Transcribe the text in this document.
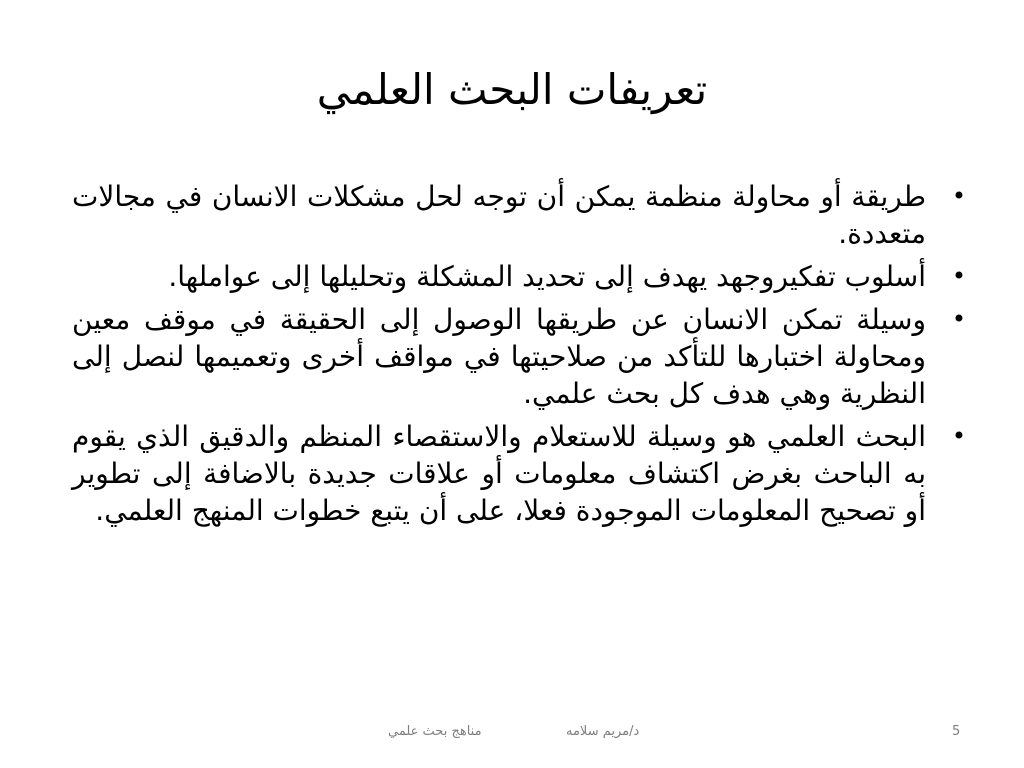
تعريفات البحث العلمي
•
طريقة أو محاولة منظمة يمكن أن توجه لحل مشكلات الانسان في مجالات متعددة.
•
أسلوب تفكيروجهد يهدف إلى تحديد المشكلة وتحليلها إلى عواملها.
•
وسيلة تمكن الانسان عن طريقها الوصول إلى الحقيقة في موقف معين ومحاولة اختبارها للتأكد من صلاحيتها في مواقف أخرى وتعميمها لنصل إلى النظرية وهي هدف كل بحث علمي.
•
البحث العلمي هو وسيلة للاستعلام والاستقصاء المنظم والدقيق الذي يقوم به الباحث بغرض اكتشاف معلومات أو علاقات جديدة بالاضافة إلى تطوير أو تصحيح المعلومات الموجودة فعلا، على أن يتبع خطوات المنهج العلمي.
مناهج بحث علمي	د/مريم سلامه	5
